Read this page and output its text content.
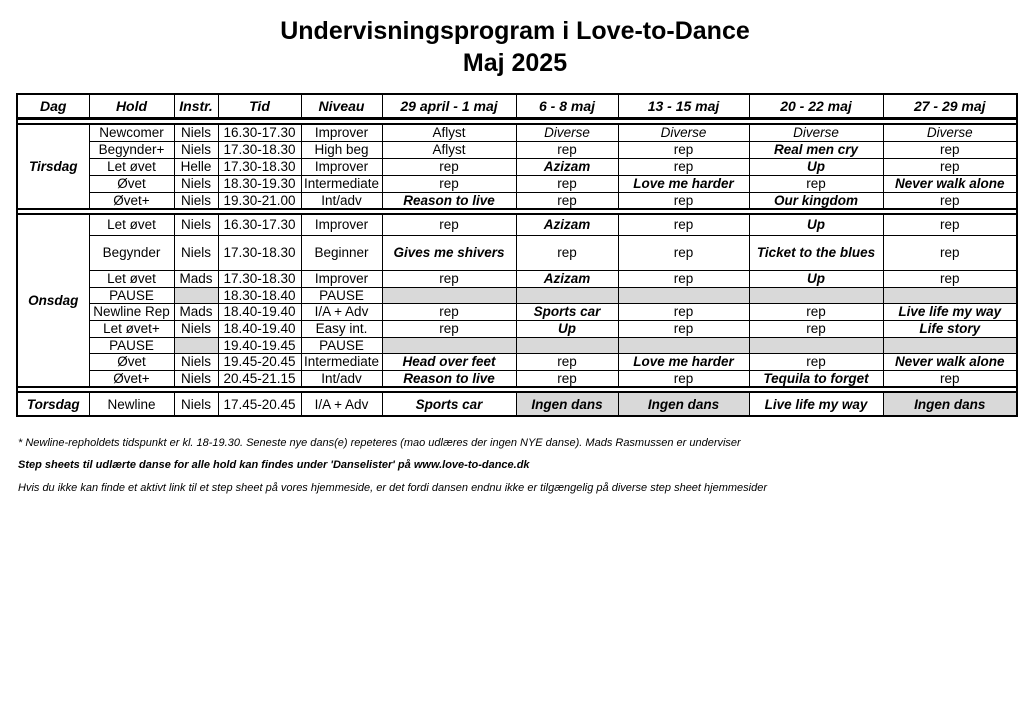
Undervisningsprogram i Love-to-Dance
Maj 2025
Dag	Hold	Instr.	Tid	Niveau	29 april - 1 maj	6 - 8 maj	13 - 15 maj	20 - 22 maj	27 - 29 maj

Tirsdag	Newcomer	Niels	16.30-17.30	Improver	Aflyst	Diverse	Diverse	Diverse	Diverse
	Begynder+	Niels	17.30-18.30	High beg	Aflyst	rep	rep	Real men cry	rep
	Let øvet	Helle	17.30-18.30	Improver	rep	Azizam	rep	Up	rep
	Øvet	Niels	18.30-19.30	Intermediate	rep	rep	Love me harder	rep	Never walk alone
	Øvet+	Niels	19.30-21.00	Int/adv	Reason to live	rep	rep	Our kingdom	rep

Onsdag	Let øvet	Niels	16.30-17.30	Improver	rep	Azizam	rep	Up	rep
	Begynder	Niels	17.30-18.30	Beginner	Gives me shivers	rep	rep	Ticket to the blues	rep
	Let øvet	Mads	17.30-18.30	Improver	rep	Azizam	rep	Up	rep
	PAUSE		18.30-18.40	PAUSE					
	Newline Rep	Mads	18.40-19.40	I/A + Adv	rep	Sports car	rep	rep	Live life my way
	Let øvet+	Niels	18.40-19.40	Easy int.	rep	Up	rep	rep	Life story
	PAUSE		19.40-19.45	PAUSE					
	Øvet	Niels	19.45-20.45	Intermediate	Head over feet	rep	Love me harder	rep	Never walk alone
	Øvet+	Niels	20.45-21.15	Int/adv	Reason to live	rep	rep	Tequila to forget	rep

Torsdag	Newline	Niels	17.45-20.45	I/A + Adv	Sports car	Ingen dans	Ingen dans	Live life my way	Ingen dans
* Newline-repholdets tidspunkt er kl. 18-19.30. Seneste nye dans(e) repeteres (mao udlæres der ingen NYE danse). Mads Rasmussen er underviser
Step sheets til udlærte danse for alle hold kan findes under 'Danselister' på www.love-to-dance.dk
Hvis du ikke kan finde et aktivt link til et step sheet på vores hjemmeside, er det fordi dansen endnu ikke er tilgængelig på diverse step sheet hjemmesider
